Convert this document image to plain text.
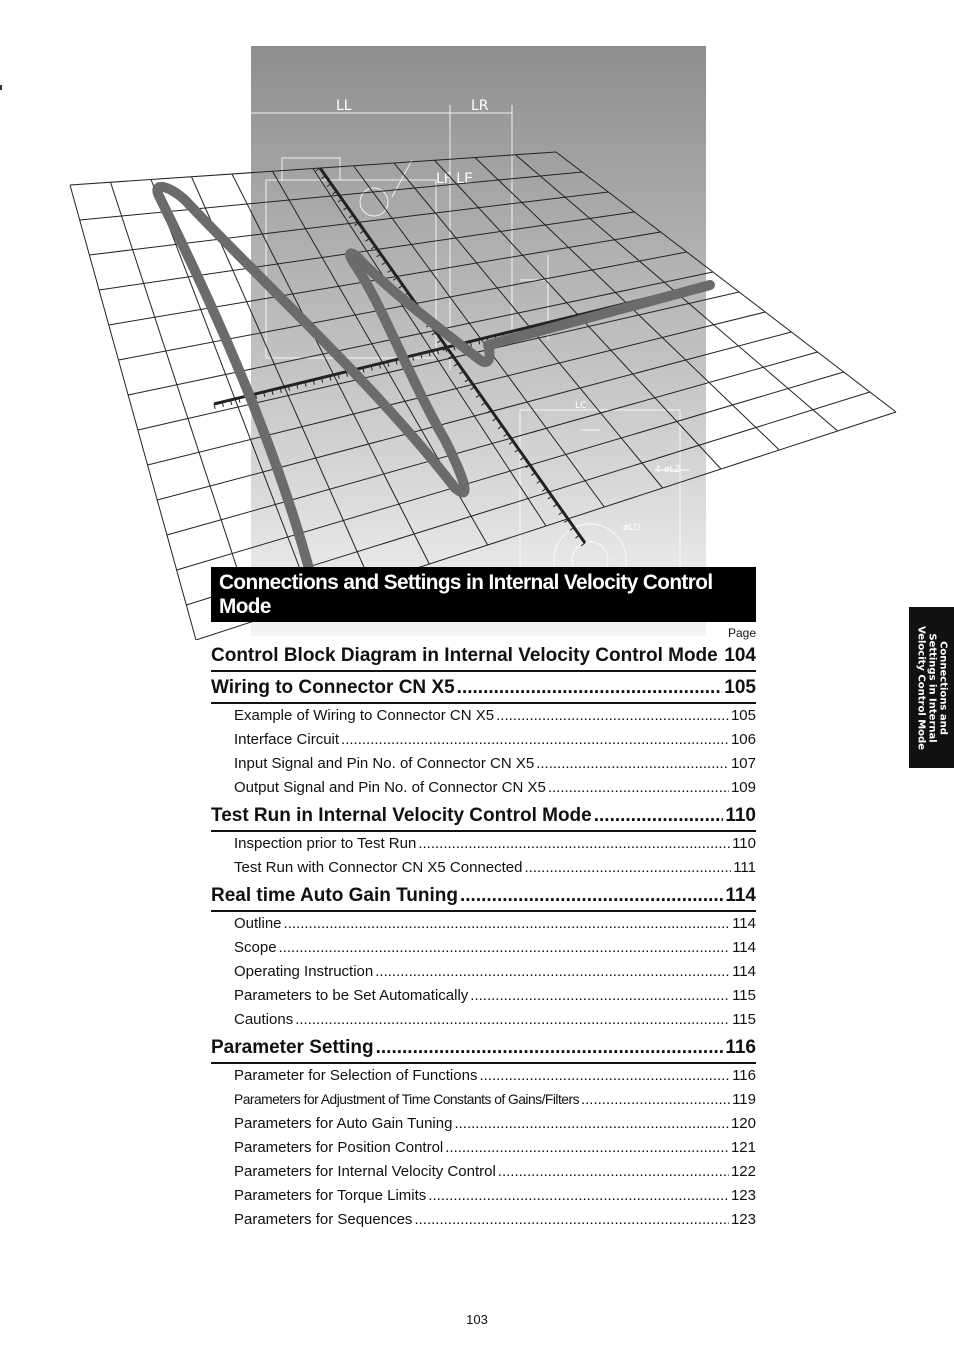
LL	LR
LF LE
4-øLZ
LC
øLD
Connections and Settings in Internal Velocity Control Mode
Connections and
Settings in Internal
Velocity Control Mode
Page
Control Block Diagram in Internal Velocity Control Mode 104
Wiring to Connector CN X5 .....	105
Example of Wiring to Connector CN X5 .....	105
Interface Circuit .....	106
Input Signal and Pin No. of Connector CN X5 .....	107
Output Signal and Pin No. of Connector CN X5 .....	109
Test Run in Internal Velocity Control Mode .....	110
Inspection prior to Test Run .....	110
Test Run with Connector CN X5 Connected .....	111
Real time Auto Gain Tuning .....	114
Outline .....	114
Scope .....	114
Operating Instruction .....	114
Parameters to be Set Automatically .....	115
Cautions .....	115
Parameter Setting .....	116
Parameter for Selection of Functions .....	116
Parameters for Adjustment of Time Constants of Gains/Filters .....	119
Parameters for Auto Gain Tuning .....	120
Parameters for Position Control .....	121
Parameters for Internal Velocity Control .....	122
Parameters for Torque Limits .....	123
Parameters for Sequences .....	123
103
